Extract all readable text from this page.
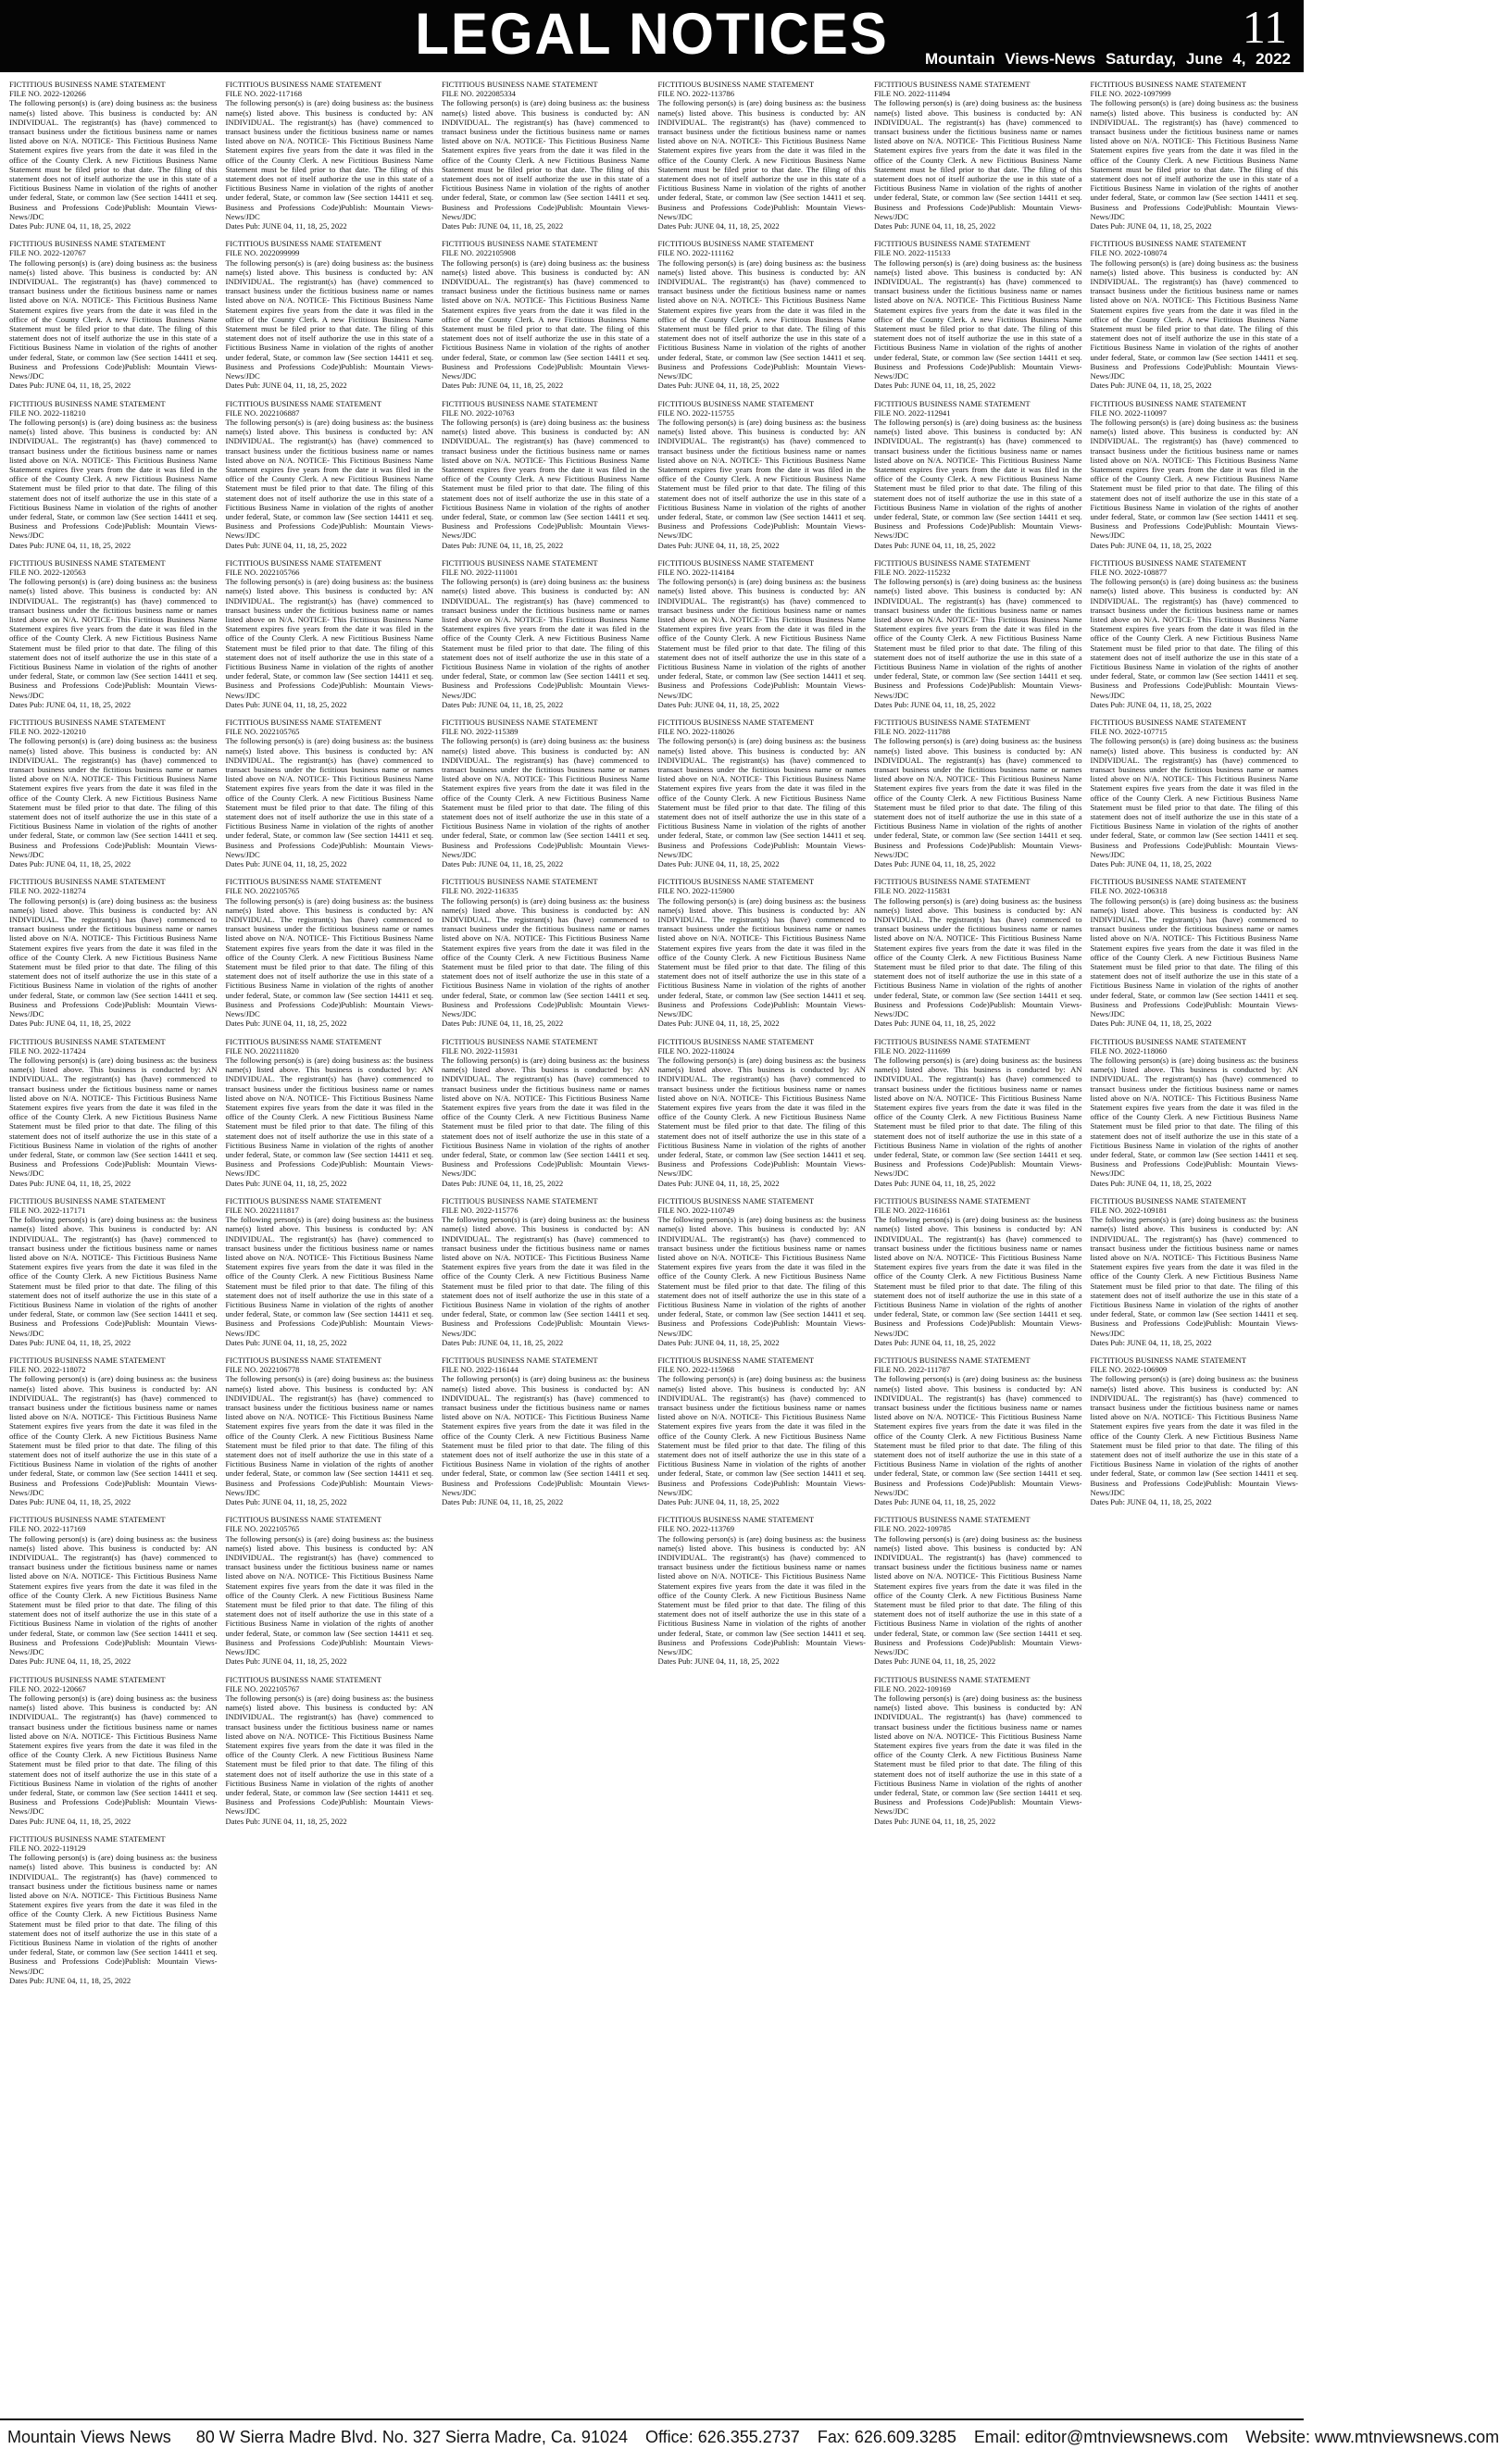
LEGAL NOTICES	11
Mountain Views-News Saturday, June 4, 2022
FICTITIOUS BUSINESS NAME STATEMENT
FILE NO. 2022-120266
The following person(s) is (are) doing business as: the business name(s) listed above. This business is conducted by: AN INDIVIDUAL. The registrant(s) has (have) commenced to transact business under the fictitious business name or names listed above on N/A. NOTICE- This Fictitious Business Name Statement expires five years from the date it was filed in the office of the County Clerk. A new Fictitious Business Name Statement must be filed prior to that date. The filing of this statement does not of itself authorize the use in this state of a Fictitious Business Name in violation of the rights of another under federal, State, or common law (See section 14411 et seq. Business and Professions Code)Publish: Mountain Views-News/JDC
Dates Pub: JUNE 04, 11, 18, 25, 2022
FICTITIOUS BUSINESS NAME STATEMENT
FILE NO. 2022-120767
The following person(s) is (are) doing business as: the business name(s) listed above. This business is conducted by: AN INDIVIDUAL. The registrant(s) has (have) commenced to transact business under the fictitious business name or names listed above on N/A. NOTICE- This Fictitious Business Name Statement expires five years from the date it was filed in the office of the County Clerk. A new Fictitious Business Name Statement must be filed prior to that date. The filing of this statement does not of itself authorize the use in this state of a Fictitious Business Name in violation of the rights of another under federal, State, or common law (See section 14411 et seq. Business and Professions Code)Publish: Mountain Views-News/JDC
Dates Pub: JUNE 04, 11, 18, 25, 2022
FICTITIOUS BUSINESS NAME STATEMENT
FILE NO. 2022-118210
The following person(s) is (are) doing business as: the business name(s) listed above. This business is conducted by: AN INDIVIDUAL. The registrant(s) has (have) commenced to transact business under the fictitious business name or names listed above on N/A. NOTICE- This Fictitious Business Name Statement expires five years from the date it was filed in the office of the County Clerk. A new Fictitious Business Name Statement must be filed prior to that date. The filing of this statement does not of itself authorize the use in this state of a Fictitious Business Name in violation of the rights of another under federal, State, or common law (See section 14411 et seq. Business and Professions Code)Publish: Mountain Views-News/JDC
Dates Pub: JUNE 04, 11, 18, 25, 2022
FICTITIOUS BUSINESS NAME STATEMENT
FILE NO. 2022-120563
The following person(s) is (are) doing business as: the business name(s) listed above. This business is conducted by: AN INDIVIDUAL. The registrant(s) has (have) commenced to transact business under the fictitious business name or names listed above on N/A. NOTICE- This Fictitious Business Name Statement expires five years from the date it was filed in the office of the County Clerk. A new Fictitious Business Name Statement must be filed prior to that date. The filing of this statement does not of itself authorize the use in this state of a Fictitious Business Name in violation of the rights of another under federal, State, or common law (See section 14411 et seq. Business and Professions Code)Publish: Mountain Views-News/JDC
Dates Pub: JUNE 04, 11, 18, 25, 2022
FICTITIOUS BUSINESS NAME STATEMENT
FILE NO. 2022-120210
The following person(s) is (are) doing business as: the business name(s) listed above. This business is conducted by: AN INDIVIDUAL. The registrant(s) has (have) commenced to transact business under the fictitious business name or names listed above on N/A. NOTICE- This Fictitious Business Name Statement expires five years from the date it was filed in the office of the County Clerk. A new Fictitious Business Name Statement must be filed prior to that date. The filing of this statement does not of itself authorize the use in this state of a Fictitious Business Name in violation of the rights of another under federal, State, or common law (See section 14411 et seq. Business and Professions Code)Publish: Mountain Views-News/JDC
Dates Pub: JUNE 04, 11, 18, 25, 2022
FICTITIOUS BUSINESS NAME STATEMENT
FILE NO. 2022-118274
The following person(s) is (are) doing business as: the business name(s) listed above. This business is conducted by: AN INDIVIDUAL. The registrant(s) has (have) commenced to transact business under the fictitious business name or names listed above on N/A. NOTICE- This Fictitious Business Name Statement expires five years from the date it was filed in the office of the County Clerk. A new Fictitious Business Name Statement must be filed prior to that date. The filing of this statement does not of itself authorize the use in this state of a Fictitious Business Name in violation of the rights of another under federal, State, or common law (See section 14411 et seq. Business and Professions Code)Publish: Mountain Views-News/JDC
Dates Pub: JUNE 04, 11, 18, 25, 2022
FICTITIOUS BUSINESS NAME STATEMENT
FILE NO. 2022-117424
The following person(s) is (are) doing business as: the business name(s) listed above. This business is conducted by: AN INDIVIDUAL. The registrant(s) has (have) commenced to transact business under the fictitious business name or names listed above on N/A. NOTICE- This Fictitious Business Name Statement expires five years from the date it was filed in the office of the County Clerk. A new Fictitious Business Name Statement must be filed prior to that date. The filing of this statement does not of itself authorize the use in this state of a Fictitious Business Name in violation of the rights of another under federal, State, or common law (See section 14411 et seq. Business and Professions Code)Publish: Mountain Views-News/JDC
Dates Pub: JUNE 04, 11, 18, 25, 2022
FICTITIOUS BUSINESS NAME STATEMENT
FILE NO. 2022-117171
The following person(s) is (are) doing business as: the business name(s) listed above. This business is conducted by: AN INDIVIDUAL. The registrant(s) has (have) commenced to transact business under the fictitious business name or names listed above on N/A. NOTICE- This Fictitious Business Name Statement expires five years from the date it was filed in the office of the County Clerk. A new Fictitious Business Name Statement must be filed prior to that date. The filing of this statement does not of itself authorize the use in this state of a Fictitious Business Name in violation of the rights of another under federal, State, or common law (See section 14411 et seq. Business and Professions Code)Publish: Mountain Views-News/JDC
Dates Pub: JUNE 04, 11, 18, 25, 2022
FICTITIOUS BUSINESS NAME STATEMENT
FILE NO. 2022-118072
The following person(s) is (are) doing business as: the business name(s) listed above. This business is conducted by: AN INDIVIDUAL. The registrant(s) has (have) commenced to transact business under the fictitious business name or names listed above on N/A. NOTICE- This Fictitious Business Name Statement expires five years from the date it was filed in the office of the County Clerk. A new Fictitious Business Name Statement must be filed prior to that date. The filing of this statement does not of itself authorize the use in this state of a Fictitious Business Name in violation of the rights of another under federal, State, or common law (See section 14411 et seq. Business and Professions Code)Publish: Mountain Views-News/JDC
Dates Pub: JUNE 04, 11, 18, 25, 2022
FICTITIOUS BUSINESS NAME STATEMENT
FILE NO. 2022-117169
The following person(s) is (are) doing business as: the business name(s) listed above. This business is conducted by: AN INDIVIDUAL. The registrant(s) has (have) commenced to transact business under the fictitious business name or names listed above on N/A. NOTICE- This Fictitious Business Name Statement expires five years from the date it was filed in the office of the County Clerk. A new Fictitious Business Name Statement must be filed prior to that date. The filing of this statement does not of itself authorize the use in this state of a Fictitious Business Name in violation of the rights of another under federal, State, or common law (See section 14411 et seq. Business and Professions Code)Publish: Mountain Views-News/JDC
Dates Pub: JUNE 04, 11, 18, 25, 2022
FICTITIOUS BUSINESS NAME STATEMENT
FILE NO. 2022-120667
The following person(s) is (are) doing business as: the business name(s) listed above. This business is conducted by: AN INDIVIDUAL. The registrant(s) has (have) commenced to transact business under the fictitious business name or names listed above on N/A. NOTICE- This Fictitious Business Name Statement expires five years from the date it was filed in the office of the County Clerk. A new Fictitious Business Name Statement must be filed prior to that date. The filing of this statement does not of itself authorize the use in this state of a Fictitious Business Name in violation of the rights of another under federal, State, or common law (See section 14411 et seq. Business and Professions Code)Publish: Mountain Views-News/JDC
Dates Pub: JUNE 04, 11, 18, 25, 2022
FICTITIOUS BUSINESS NAME STATEMENT
FILE NO. 2022-119129
The following person(s) is (are) doing business as: the business name(s) listed above. This business is conducted by: AN INDIVIDUAL. The registrant(s) has (have) commenced to transact business under the fictitious business name or names listed above on N/A. NOTICE- This Fictitious Business Name Statement expires five years from the date it was filed in the office of the County Clerk. A new Fictitious Business Name Statement must be filed prior to that date. The filing of this statement does not of itself authorize the use in this state of a Fictitious Business Name in violation of the rights of another under federal, State, or common law (See section 14411 et seq. Business and Professions Code)Publish: Mountain Views-News/JDC
Dates Pub: JUNE 04, 11, 18, 25, 2022
FICTITIOUS BUSINESS NAME STATEMENT
FILE NO. 2022-117168
The following person(s) is (are) doing business as: the business name(s) listed above. This business is conducted by: AN INDIVIDUAL. The registrant(s) has (have) commenced to transact business under the fictitious business name or names listed above on N/A. NOTICE- This Fictitious Business Name Statement expires five years from the date it was filed in the office of the County Clerk. A new Fictitious Business Name Statement must be filed prior to that date. The filing of this statement does not of itself authorize the use in this state of a Fictitious Business Name in violation of the rights of another under federal, State, or common law (See section 14411 et seq. Business and Professions Code)Publish: Mountain Views-News/JDC
Dates Pub: JUNE 04, 11, 18, 25, 2022
FICTITIOUS BUSINESS NAME STATEMENT
FILE NO. 2022099999
The following person(s) is (are) doing business as: the business name(s) listed above. This business is conducted by: AN INDIVIDUAL. The registrant(s) has (have) commenced to transact business under the fictitious business name or names listed above on N/A. NOTICE- This Fictitious Business Name Statement expires five years from the date it was filed in the office of the County Clerk. A new Fictitious Business Name Statement must be filed prior to that date. The filing of this statement does not of itself authorize the use in this state of a Fictitious Business Name in violation of the rights of another under federal, State, or common law (See section 14411 et seq. Business and Professions Code)Publish: Mountain Views-News/JDC
Dates Pub: JUNE 04, 11, 18, 25, 2022
FICTITIOUS BUSINESS NAME STATEMENT
FILE NO. 2022106887
The following person(s) is (are) doing business as: the business name(s) listed above. This business is conducted by: AN INDIVIDUAL. The registrant(s) has (have) commenced to transact business under the fictitious business name or names listed above on N/A. NOTICE- This Fictitious Business Name Statement expires five years from the date it was filed in the office of the County Clerk. A new Fictitious Business Name Statement must be filed prior to that date. The filing of this statement does not of itself authorize the use in this state of a Fictitious Business Name in violation of the rights of another under federal, State, or common law (See section 14411 et seq. Business and Professions Code)Publish: Mountain Views-News/JDC
Dates Pub: JUNE 04, 11, 18, 25, 2022
FICTITIOUS BUSINESS NAME STATEMENT
FILE NO. 2022105766
The following person(s) is (are) doing business as: the business name(s) listed above. This business is conducted by: AN INDIVIDUAL. The registrant(s) has (have) commenced to transact business under the fictitious business name or names listed above on N/A. NOTICE- This Fictitious Business Name Statement expires five years from the date it was filed in the office of the County Clerk. A new Fictitious Business Name Statement must be filed prior to that date. The filing of this statement does not of itself authorize the use in this state of a Fictitious Business Name in violation of the rights of another under federal, State, or common law (See section 14411 et seq. Business and Professions Code)Publish: Mountain Views-News/JDC
Dates Pub: JUNE 04, 11, 18, 25, 2022
FICTITIOUS BUSINESS NAME STATEMENT
FILE NO. 2022105765
The following person(s) is (are) doing business as: the business name(s) listed above. This business is conducted by: AN INDIVIDUAL. The registrant(s) has (have) commenced to transact business under the fictitious business name or names listed above on N/A. NOTICE- This Fictitious Business Name Statement expires five years from the date it was filed in the office of the County Clerk. A new Fictitious Business Name Statement must be filed prior to that date. The filing of this statement does not of itself authorize the use in this state of a Fictitious Business Name in violation of the rights of another under federal, State, or common law (See section 14411 et seq. Business and Professions Code)Publish: Mountain Views-News/JDC
Dates Pub: JUNE 04, 11, 18, 25, 2022
FICTITIOUS BUSINESS NAME STATEMENT
FILE NO. 2022105765
The following person(s) is (are) doing business as: the business name(s) listed above. This business is conducted by: AN INDIVIDUAL. The registrant(s) has (have) commenced to transact business under the fictitious business name or names listed above on N/A. NOTICE- This Fictitious Business Name Statement expires five years from the date it was filed in the office of the County Clerk. A new Fictitious Business Name Statement must be filed prior to that date. The filing of this statement does not of itself authorize the use in this state of a Fictitious Business Name in violation of the rights of another under federal, State, or common law (See section 14411 et seq. Business and Professions Code)Publish: Mountain Views-News/JDC
Dates Pub: JUNE 04, 11, 18, 25, 2022
FICTITIOUS BUSINESS NAME STATEMENT
FILE NO. 2022111820
The following person(s) is (are) doing business as: the business name(s) listed above. This business is conducted by: AN INDIVIDUAL. The registrant(s) has (have) commenced to transact business under the fictitious business name or names listed above on N/A. NOTICE- This Fictitious Business Name Statement expires five years from the date it was filed in the office of the County Clerk. A new Fictitious Business Name Statement must be filed prior to that date. The filing of this statement does not of itself authorize the use in this state of a Fictitious Business Name in violation of the rights of another under federal, State, or common law (See section 14411 et seq. Business and Professions Code)Publish: Mountain Views-News/JDC
Dates Pub: JUNE 04, 11, 18, 25, 2022
FICTITIOUS BUSINESS NAME STATEMENT
FILE NO. 2022111817
The following person(s) is (are) doing business as: the business name(s) listed above. This business is conducted by: AN INDIVIDUAL. The registrant(s) has (have) commenced to transact business under the fictitious business name or names listed above on N/A. NOTICE- This Fictitious Business Name Statement expires five years from the date it was filed in the office of the County Clerk. A new Fictitious Business Name Statement must be filed prior to that date. The filing of this statement does not of itself authorize the use in this state of a Fictitious Business Name in violation of the rights of another under federal, State, or common law (See section 14411 et seq. Business and Professions Code)Publish: Mountain Views-News/JDC
Dates Pub: JUNE 04, 11, 18, 25, 2022
FICTITIOUS BUSINESS NAME STATEMENT
FILE NO. 2022106778
The following person(s) is (are) doing business as: the business name(s) listed above. This business is conducted by: AN INDIVIDUAL. The registrant(s) has (have) commenced to transact business under the fictitious business name or names listed above on N/A. NOTICE- This Fictitious Business Name Statement expires five years from the date it was filed in the office of the County Clerk. A new Fictitious Business Name Statement must be filed prior to that date. The filing of this statement does not of itself authorize the use in this state of a Fictitious Business Name in violation of the rights of another under federal, State, or common law (See section 14411 et seq. Business and Professions Code)Publish: Mountain Views-News/JDC
Dates Pub: JUNE 04, 11, 18, 25, 2022
FICTITIOUS BUSINESS NAME STATEMENT
FILE NO. 2022105765
The following person(s) is (are) doing business as: the business name(s) listed above. This business is conducted by: AN INDIVIDUAL. The registrant(s) has (have) commenced to transact business under the fictitious business name or names listed above on N/A. NOTICE- This Fictitious Business Name Statement expires five years from the date it was filed in the office of the County Clerk. A new Fictitious Business Name Statement must be filed prior to that date. The filing of this statement does not of itself authorize the use in this state of a Fictitious Business Name in violation of the rights of another under federal, State, or common law (See section 14411 et seq. Business and Professions Code)Publish: Mountain Views-News/JDC
Dates Pub: JUNE 04, 11, 18, 25, 2022
FICTITIOUS BUSINESS NAME STATEMENT
FILE NO. 2022105767
The following person(s) is (are) doing business as: the business name(s) listed above. This business is conducted by: AN INDIVIDUAL. The registrant(s) has (have) commenced to transact business under the fictitious business name or names listed above on N/A. NOTICE- This Fictitious Business Name Statement expires five years from the date it was filed in the office of the County Clerk. A new Fictitious Business Name Statement must be filed prior to that date. The filing of this statement does not of itself authorize the use in this state of a Fictitious Business Name in violation of the rights of another under federal, State, or common law (See section 14411 et seq. Business and Professions Code)Publish: Mountain Views-News/JDC
Dates Pub: JUNE 04, 11, 18, 25, 2022
FICTITIOUS BUSINESS NAME STATEMENT
FILE NO. 2022085334
The following person(s) is (are) doing business as: the business name(s) listed above. This business is conducted by: AN INDIVIDUAL. The registrant(s) has (have) commenced to transact business under the fictitious business name or names listed above on N/A. NOTICE- This Fictitious Business Name Statement expires five years from the date it was filed in the office of the County Clerk. A new Fictitious Business Name Statement must be filed prior to that date. The filing of this statement does not of itself authorize the use in this state of a Fictitious Business Name in violation of the rights of another under federal, State, or common law (See section 14411 et seq. Business and Professions Code)Publish: Mountain Views-News/JDC
Dates Pub: JUNE 04, 11, 18, 25, 2022
FICTITIOUS BUSINESS NAME STATEMENT
FILE NO. 2022105908
The following person(s) is (are) doing business as: the business name(s) listed above. This business is conducted by: AN INDIVIDUAL. The registrant(s) has (have) commenced to transact business under the fictitious business name or names listed above on N/A. NOTICE- This Fictitious Business Name Statement expires five years from the date it was filed in the office of the County Clerk. A new Fictitious Business Name Statement must be filed prior to that date. The filing of this statement does not of itself authorize the use in this state of a Fictitious Business Name in violation of the rights of another under federal, State, or common law (See section 14411 et seq. Business and Professions Code)Publish: Mountain Views-News/JDC
Dates Pub: JUNE 04, 11, 18, 25, 2022
FICTITIOUS BUSINESS NAME STATEMENT
FILE NO. 2022-10763
The following person(s) is (are) doing business as: the business name(s) listed above. This business is conducted by: AN INDIVIDUAL. The registrant(s) has (have) commenced to transact business under the fictitious business name or names listed above on N/A. NOTICE- This Fictitious Business Name Statement expires five years from the date it was filed in the office of the County Clerk. A new Fictitious Business Name Statement must be filed prior to that date. The filing of this statement does not of itself authorize the use in this state of a Fictitious Business Name in violation of the rights of another under federal, State, or common law (See section 14411 et seq. Business and Professions Code)Publish: Mountain Views-News/JDC
Dates Pub: JUNE 04, 11, 18, 25, 2022
FICTITIOUS BUSINESS NAME STATEMENT
FILE NO. 2022-111001
The following person(s) is (are) doing business as: the business name(s) listed above. This business is conducted by: AN INDIVIDUAL. The registrant(s) has (have) commenced to transact business under the fictitious business name or names listed above on N/A. NOTICE- This Fictitious Business Name Statement expires five years from the date it was filed in the office of the County Clerk. A new Fictitious Business Name Statement must be filed prior to that date. The filing of this statement does not of itself authorize the use in this state of a Fictitious Business Name in violation of the rights of another under federal, State, or common law (See section 14411 et seq. Business and Professions Code)Publish: Mountain Views-News/JDC
Dates Pub: JUNE 04, 11, 18, 25, 2022
FICTITIOUS BUSINESS NAME STATEMENT
FILE NO. 2022-115389
The following person(s) is (are) doing business as: the business name(s) listed above. This business is conducted by: AN INDIVIDUAL. The registrant(s) has (have) commenced to transact business under the fictitious business name or names listed above on N/A. NOTICE- This Fictitious Business Name Statement expires five years from the date it was filed in the office of the County Clerk. A new Fictitious Business Name Statement must be filed prior to that date. The filing of this statement does not of itself authorize the use in this state of a Fictitious Business Name in violation of the rights of another under federal, State, or common law (See section 14411 et seq. Business and Professions Code)Publish: Mountain Views-News/JDC
Dates Pub: JUNE 04, 11, 18, 25, 2022
FICTITIOUS BUSINESS NAME STATEMENT
FILE NO. 2022-116335
The following person(s) is (are) doing business as: the business name(s) listed above. This business is conducted by: AN INDIVIDUAL. The registrant(s) has (have) commenced to transact business under the fictitious business name or names listed above on N/A. NOTICE- This Fictitious Business Name Statement expires five years from the date it was filed in the office of the County Clerk. A new Fictitious Business Name Statement must be filed prior to that date. The filing of this statement does not of itself authorize the use in this state of a Fictitious Business Name in violation of the rights of another under federal, State, or common law (See section 14411 et seq. Business and Professions Code)Publish: Mountain Views-News/JDC
Dates Pub: JUNE 04, 11, 18, 25, 2022
FICTITIOUS BUSINESS NAME STATEMENT
FILE NO. 2022-115931
The following person(s) is (are) doing business as: the business name(s) listed above. This business is conducted by: AN INDIVIDUAL. The registrant(s) has (have) commenced to transact business under the fictitious business name or names listed above on N/A. NOTICE- This Fictitious Business Name Statement expires five years from the date it was filed in the office of the County Clerk. A new Fictitious Business Name Statement must be filed prior to that date. The filing of this statement does not of itself authorize the use in this state of a Fictitious Business Name in violation of the rights of another under federal, State, or common law (See section 14411 et seq. Business and Professions Code)Publish: Mountain Views-News/JDC
Dates Pub: JUNE 04, 11, 18, 25, 2022
FICTITIOUS BUSINESS NAME STATEMENT
FILE NO. 2022-115776
The following person(s) is (are) doing business as: the business name(s) listed above. This business is conducted by: AN INDIVIDUAL. The registrant(s) has (have) commenced to transact business under the fictitious business name or names listed above on N/A. NOTICE- This Fictitious Business Name Statement expires five years from the date it was filed in the office of the County Clerk. A new Fictitious Business Name Statement must be filed prior to that date. The filing of this statement does not of itself authorize the use in this state of a Fictitious Business Name in violation of the rights of another under federal, State, or common law (See section 14411 et seq. Business and Professions Code)Publish: Mountain Views-News/JDC
Dates Pub: JUNE 04, 11, 18, 25, 2022
FICTITIOUS BUSINESS NAME STATEMENT
FILE NO. 2022-116144
The following person(s) is (are) doing business as: the business name(s) listed above. This business is conducted by: AN INDIVIDUAL. The registrant(s) has (have) commenced to transact business under the fictitious business name or names listed above on N/A. NOTICE- This Fictitious Business Name Statement expires five years from the date it was filed in the office of the County Clerk. A new Fictitious Business Name Statement must be filed prior to that date. The filing of this statement does not of itself authorize the use in this state of a Fictitious Business Name in violation of the rights of another under federal, State, or common law (See section 14411 et seq. Business and Professions Code)Publish: Mountain Views-News/JDC
Dates Pub: JUNE 04, 11, 18, 25, 2022
FICTITIOUS BUSINESS NAME STATEMENT
FILE NO. 2022-113786
The following person(s) is (are) doing business as: the business name(s) listed above. This business is conducted by: AN INDIVIDUAL. The registrant(s) has (have) commenced to transact business under the fictitious business name or names listed above on N/A. NOTICE- This Fictitious Business Name Statement expires five years from the date it was filed in the office of the County Clerk. A new Fictitious Business Name Statement must be filed prior to that date. The filing of this statement does not of itself authorize the use in this state of a Fictitious Business Name in violation of the rights of another under federal, State, or common law (See section 14411 et seq. Business and Professions Code)Publish: Mountain Views-News/JDC
Dates Pub: JUNE 04, 11, 18, 25, 2022
FICTITIOUS BUSINESS NAME STATEMENT
FILE NO. 2022-111162
The following person(s) is (are) doing business as: the business name(s) listed above. This business is conducted by: AN INDIVIDUAL. The registrant(s) has (have) commenced to transact business under the fictitious business name or names listed above on N/A. NOTICE- This Fictitious Business Name Statement expires five years from the date it was filed in the office of the County Clerk. A new Fictitious Business Name Statement must be filed prior to that date. The filing of this statement does not of itself authorize the use in this state of a Fictitious Business Name in violation of the rights of another under federal, State, or common law (See section 14411 et seq. Business and Professions Code)Publish: Mountain Views-News/JDC
Dates Pub: JUNE 04, 11, 18, 25, 2022
FICTITIOUS BUSINESS NAME STATEMENT
FILE NO. 2022-115755
The following person(s) is (are) doing business as: the business name(s) listed above. This business is conducted by: AN INDIVIDUAL. The registrant(s) has (have) commenced to transact business under the fictitious business name or names listed above on N/A. NOTICE- This Fictitious Business Name Statement expires five years from the date it was filed in the office of the County Clerk. A new Fictitious Business Name Statement must be filed prior to that date. The filing of this statement does not of itself authorize the use in this state of a Fictitious Business Name in violation of the rights of another under federal, State, or common law (See section 14411 et seq. Business and Professions Code)Publish: Mountain Views-News/JDC
Dates Pub: JUNE 04, 11, 18, 25, 2022
FICTITIOUS BUSINESS NAME STATEMENT
FILE NO. 2022-114184
The following person(s) is (are) doing business as: the business name(s) listed above. This business is conducted by: AN INDIVIDUAL. The registrant(s) has (have) commenced to transact business under the fictitious business name or names listed above on N/A. NOTICE- This Fictitious Business Name Statement expires five years from the date it was filed in the office of the County Clerk. A new Fictitious Business Name Statement must be filed prior to that date. The filing of this statement does not of itself authorize the use in this state of a Fictitious Business Name in violation of the rights of another under federal, State, or common law (See section 14411 et seq. Business and Professions Code)Publish: Mountain Views-News/JDC
Dates Pub: JUNE 04, 11, 18, 25, 2022
FICTITIOUS BUSINESS NAME STATEMENT
FILE NO. 2022-118026
The following person(s) is (are) doing business as: the business name(s) listed above. This business is conducted by: AN INDIVIDUAL. The registrant(s) has (have) commenced to transact business under the fictitious business name or names listed above on N/A. NOTICE- This Fictitious Business Name Statement expires five years from the date it was filed in the office of the County Clerk. A new Fictitious Business Name Statement must be filed prior to that date. The filing of this statement does not of itself authorize the use in this state of a Fictitious Business Name in violation of the rights of another under federal, State, or common law (See section 14411 et seq. Business and Professions Code)Publish: Mountain Views-News/JDC
Dates Pub: JUNE 04, 11, 18, 25, 2022
FICTITIOUS BUSINESS NAME STATEMENT
FILE NO. 2022-115900
The following person(s) is (are) doing business as: the business name(s) listed above. This business is conducted by: AN INDIVIDUAL. The registrant(s) has (have) commenced to transact business under the fictitious business name or names listed above on N/A. NOTICE- This Fictitious Business Name Statement expires five years from the date it was filed in the office of the County Clerk. A new Fictitious Business Name Statement must be filed prior to that date. The filing of this statement does not of itself authorize the use in this state of a Fictitious Business Name in violation of the rights of another under federal, State, or common law (See section 14411 et seq. Business and Professions Code)Publish: Mountain Views-News/JDC
Dates Pub: JUNE 04, 11, 18, 25, 2022
FICTITIOUS BUSINESS NAME STATEMENT
FILE NO. 2022-118024
The following person(s) is (are) doing business as: the business name(s) listed above. This business is conducted by: AN INDIVIDUAL. The registrant(s) has (have) commenced to transact business under the fictitious business name or names listed above on N/A. NOTICE- This Fictitious Business Name Statement expires five years from the date it was filed in the office of the County Clerk. A new Fictitious Business Name Statement must be filed prior to that date. The filing of this statement does not of itself authorize the use in this state of a Fictitious Business Name in violation of the rights of another under federal, State, or common law (See section 14411 et seq. Business and Professions Code)Publish: Mountain Views-News/JDC
Dates Pub: JUNE 04, 11, 18, 25, 2022
FICTITIOUS BUSINESS NAME STATEMENT
FILE NO. 2022-110749
The following person(s) is (are) doing business as: the business name(s) listed above. This business is conducted by: AN INDIVIDUAL. The registrant(s) has (have) commenced to transact business under the fictitious business name or names listed above on N/A. NOTICE- This Fictitious Business Name Statement expires five years from the date it was filed in the office of the County Clerk. A new Fictitious Business Name Statement must be filed prior to that date. The filing of this statement does not of itself authorize the use in this state of a Fictitious Business Name in violation of the rights of another under federal, State, or common law (See section 14411 et seq. Business and Professions Code)Publish: Mountain Views-News/JDC
Dates Pub: JUNE 04, 11, 18, 25, 2022
FICTITIOUS BUSINESS NAME STATEMENT
FILE NO. 2022-115968
The following person(s) is (are) doing business as: the business name(s) listed above. This business is conducted by: AN INDIVIDUAL. The registrant(s) has (have) commenced to transact business under the fictitious business name or names listed above on N/A. NOTICE- This Fictitious Business Name Statement expires five years from the date it was filed in the office of the County Clerk. A new Fictitious Business Name Statement must be filed prior to that date. The filing of this statement does not of itself authorize the use in this state of a Fictitious Business Name in violation of the rights of another under federal, State, or common law (See section 14411 et seq. Business and Professions Code)Publish: Mountain Views-News/JDC
Dates Pub: JUNE 04, 11, 18, 25, 2022
FICTITIOUS BUSINESS NAME STATEMENT
FILE NO. 2022-113769
The following person(s) is (are) doing business as: the business name(s) listed above. This business is conducted by: AN INDIVIDUAL. The registrant(s) has (have) commenced to transact business under the fictitious business name or names listed above on N/A. NOTICE- This Fictitious Business Name Statement expires five years from the date it was filed in the office of the County Clerk. A new Fictitious Business Name Statement must be filed prior to that date. The filing of this statement does not of itself authorize the use in this state of a Fictitious Business Name in violation of the rights of another under federal, State, or common law (See section 14411 et seq. Business and Professions Code)Publish: Mountain Views-News/JDC
Dates Pub: JUNE 04, 11, 18, 25, 2022
FICTITIOUS BUSINESS NAME STATEMENT
FILE NO. 2022-111494
The following person(s) is (are) doing business as: the business name(s) listed above. This business is conducted by: AN INDIVIDUAL. The registrant(s) has (have) commenced to transact business under the fictitious business name or names listed above on N/A. NOTICE- This Fictitious Business Name Statement expires five years from the date it was filed in the office of the County Clerk. A new Fictitious Business Name Statement must be filed prior to that date. The filing of this statement does not of itself authorize the use in this state of a Fictitious Business Name in violation of the rights of another under federal, State, or common law (See section 14411 et seq. Business and Professions Code)Publish: Mountain Views-News/JDC
Dates Pub: JUNE 04, 11, 18, 25, 2022
FICTITIOUS BUSINESS NAME STATEMENT
FILE NO. 2022-115133
The following person(s) is (are) doing business as: the business name(s) listed above. This business is conducted by: AN INDIVIDUAL. The registrant(s) has (have) commenced to transact business under the fictitious business name or names listed above on N/A. NOTICE- This Fictitious Business Name Statement expires five years from the date it was filed in the office of the County Clerk. A new Fictitious Business Name Statement must be filed prior to that date. The filing of this statement does not of itself authorize the use in this state of a Fictitious Business Name in violation of the rights of another under federal, State, or common law (See section 14411 et seq. Business and Professions Code)Publish: Mountain Views-News/JDC
Dates Pub: JUNE 04, 11, 18, 25, 2022
FICTITIOUS BUSINESS NAME STATEMENT
FILE NO. 2022-112941
The following person(s) is (are) doing business as: the business name(s) listed above. This business is conducted by: AN INDIVIDUAL. The registrant(s) has (have) commenced to transact business under the fictitious business name or names listed above on N/A. NOTICE- This Fictitious Business Name Statement expires five years from the date it was filed in the office of the County Clerk. A new Fictitious Business Name Statement must be filed prior to that date. The filing of this statement does not of itself authorize the use in this state of a Fictitious Business Name in violation of the rights of another under federal, State, or common law (See section 14411 et seq. Business and Professions Code)Publish: Mountain Views-News/JDC
Dates Pub: JUNE 04, 11, 18, 25, 2022
FICTITIOUS BUSINESS NAME STATEMENT
FILE NO. 2022-115232
The following person(s) is (are) doing business as: the business name(s) listed above. This business is conducted by: AN INDIVIDUAL. The registrant(s) has (have) commenced to transact business under the fictitious business name or names listed above on N/A. NOTICE- This Fictitious Business Name Statement expires five years from the date it was filed in the office of the County Clerk. A new Fictitious Business Name Statement must be filed prior to that date. The filing of this statement does not of itself authorize the use in this state of a Fictitious Business Name in violation of the rights of another under federal, State, or common law (See section 14411 et seq. Business and Professions Code)Publish: Mountain Views-News/JDC
Dates Pub: JUNE 04, 11, 18, 25, 2022
FICTITIOUS BUSINESS NAME STATEMENT
FILE NO. 2022-111788
The following person(s) is (are) doing business as: the business name(s) listed above. This business is conducted by: AN INDIVIDUAL. The registrant(s) has (have) commenced to transact business under the fictitious business name or names listed above on N/A. NOTICE- This Fictitious Business Name Statement expires five years from the date it was filed in the office of the County Clerk. A new Fictitious Business Name Statement must be filed prior to that date. The filing of this statement does not of itself authorize the use in this state of a Fictitious Business Name in violation of the rights of another under federal, State, or common law (See section 14411 et seq. Business and Professions Code)Publish: Mountain Views-News/JDC
Dates Pub: JUNE 04, 11, 18, 25, 2022
FICTITIOUS BUSINESS NAME STATEMENT
FILE NO. 2022-115831
The following person(s) is (are) doing business as: the business name(s) listed above. This business is conducted by: AN INDIVIDUAL. The registrant(s) has (have) commenced to transact business under the fictitious business name or names listed above on N/A. NOTICE- This Fictitious Business Name Statement expires five years from the date it was filed in the office of the County Clerk. A new Fictitious Business Name Statement must be filed prior to that date. The filing of this statement does not of itself authorize the use in this state of a Fictitious Business Name in violation of the rights of another under federal, State, or common law (See section 14411 et seq. Business and Professions Code)Publish: Mountain Views-News/JDC
Dates Pub: JUNE 04, 11, 18, 25, 2022
FICTITIOUS BUSINESS NAME STATEMENT
FILE NO. 2022-111699
The following person(s) is (are) doing business as: the business name(s) listed above. This business is conducted by: AN INDIVIDUAL. The registrant(s) has (have) commenced to transact business under the fictitious business name or names listed above on N/A. NOTICE- This Fictitious Business Name Statement expires five years from the date it was filed in the office of the County Clerk. A new Fictitious Business Name Statement must be filed prior to that date. The filing of this statement does not of itself authorize the use in this state of a Fictitious Business Name in violation of the rights of another under federal, State, or common law (See section 14411 et seq. Business and Professions Code)Publish: Mountain Views-News/JDC
Dates Pub: JUNE 04, 11, 18, 25, 2022
FICTITIOUS BUSINESS NAME STATEMENT
FILE NO. 2022-116161
The following person(s) is (are) doing business as: the business name(s) listed above. This business is conducted by: AN INDIVIDUAL. The registrant(s) has (have) commenced to transact business under the fictitious business name or names listed above on N/A. NOTICE- This Fictitious Business Name Statement expires five years from the date it was filed in the office of the County Clerk. A new Fictitious Business Name Statement must be filed prior to that date. The filing of this statement does not of itself authorize the use in this state of a Fictitious Business Name in violation of the rights of another under federal, State, or common law (See section 14411 et seq. Business and Professions Code)Publish: Mountain Views-News/JDC
Dates Pub: JUNE 04, 11, 18, 25, 2022
FICTITIOUS BUSINESS NAME STATEMENT
FILE NO. 2022-111787
The following person(s) is (are) doing business as: the business name(s) listed above. This business is conducted by: AN INDIVIDUAL. The registrant(s) has (have) commenced to transact business under the fictitious business name or names listed above on N/A. NOTICE- This Fictitious Business Name Statement expires five years from the date it was filed in the office of the County Clerk. A new Fictitious Business Name Statement must be filed prior to that date. The filing of this statement does not of itself authorize the use in this state of a Fictitious Business Name in violation of the rights of another under federal, State, or common law (See section 14411 et seq. Business and Professions Code)Publish: Mountain Views-News/JDC
Dates Pub: JUNE 04, 11, 18, 25, 2022
FICTITIOUS BUSINESS NAME STATEMENT
FILE NO. 2022-109785
The following person(s) is (are) doing business as: the business name(s) listed above. This business is conducted by: AN INDIVIDUAL. The registrant(s) has (have) commenced to transact business under the fictitious business name or names listed above on N/A. NOTICE- This Fictitious Business Name Statement expires five years from the date it was filed in the office of the County Clerk. A new Fictitious Business Name Statement must be filed prior to that date. The filing of this statement does not of itself authorize the use in this state of a Fictitious Business Name in violation of the rights of another under federal, State, or common law (See section 14411 et seq. Business and Professions Code)Publish: Mountain Views-News/JDC
Dates Pub: JUNE 04, 11, 18, 25, 2022
FICTITIOUS BUSINESS NAME STATEMENT
FILE NO. 2022-109169
The following person(s) is (are) doing business as: the business name(s) listed above. This business is conducted by: AN INDIVIDUAL. The registrant(s) has (have) commenced to transact business under the fictitious business name or names listed above on N/A. NOTICE- This Fictitious Business Name Statement expires five years from the date it was filed in the office of the County Clerk. A new Fictitious Business Name Statement must be filed prior to that date. The filing of this statement does not of itself authorize the use in this state of a Fictitious Business Name in violation of the rights of another under federal, State, or common law (See section 14411 et seq. Business and Professions Code)Publish: Mountain Views-News/JDC
Dates Pub: JUNE 04, 11, 18, 25, 2022
FICTITIOUS BUSINESS NAME STATEMENT
FILE NO. 2022-1097999
The following person(s) is (are) doing business as: the business name(s) listed above. This business is conducted by: AN INDIVIDUAL. The registrant(s) has (have) commenced to transact business under the fictitious business name or names listed above on N/A. NOTICE- This Fictitious Business Name Statement expires five years from the date it was filed in the office of the County Clerk. A new Fictitious Business Name Statement must be filed prior to that date. The filing of this statement does not of itself authorize the use in this state of a Fictitious Business Name in violation of the rights of another under federal, State, or common law (See section 14411 et seq. Business and Professions Code)Publish: Mountain Views-News/JDC
Dates Pub: JUNE 04, 11, 18, 25, 2022
FICTITIOUS BUSINESS NAME STATEMENT
FILE NO. 2022-108074
The following person(s) is (are) doing business as: the business name(s) listed above. This business is conducted by: AN INDIVIDUAL. The registrant(s) has (have) commenced to transact business under the fictitious business name or names listed above on N/A. NOTICE- This Fictitious Business Name Statement expires five years from the date it was filed in the office of the County Clerk. A new Fictitious Business Name Statement must be filed prior to that date. The filing of this statement does not of itself authorize the use in this state of a Fictitious Business Name in violation of the rights of another under federal, State, or common law (See section 14411 et seq. Business and Professions Code)Publish: Mountain Views-News/JDC
Dates Pub: JUNE 04, 11, 18, 25, 2022
FICTITIOUS BUSINESS NAME STATEMENT
FILE NO. 2022-110097
The following person(s) is (are) doing business as: the business name(s) listed above. This business is conducted by: AN INDIVIDUAL. The registrant(s) has (have) commenced to transact business under the fictitious business name or names listed above on N/A. NOTICE- This Fictitious Business Name Statement expires five years from the date it was filed in the office of the County Clerk. A new Fictitious Business Name Statement must be filed prior to that date. The filing of this statement does not of itself authorize the use in this state of a Fictitious Business Name in violation of the rights of another under federal, State, or common law (See section 14411 et seq. Business and Professions Code)Publish: Mountain Views-News/JDC
Dates Pub: JUNE 04, 11, 18, 25, 2022
FICTITIOUS BUSINESS NAME STATEMENT
FILE NO. 2022-108877
The following person(s) is (are) doing business as: the business name(s) listed above. This business is conducted by: AN INDIVIDUAL. The registrant(s) has (have) commenced to transact business under the fictitious business name or names listed above on N/A. NOTICE- This Fictitious Business Name Statement expires five years from the date it was filed in the office of the County Clerk. A new Fictitious Business Name Statement must be filed prior to that date. The filing of this statement does not of itself authorize the use in this state of a Fictitious Business Name in violation of the rights of another under federal, State, or common law (See section 14411 et seq. Business and Professions Code)Publish: Mountain Views-News/JDC
Dates Pub: JUNE 04, 11, 18, 25, 2022
FICTITIOUS BUSINESS NAME STATEMENT
FILE NO. 2022-107715
The following person(s) is (are) doing business as: the business name(s) listed above. This business is conducted by: AN INDIVIDUAL. The registrant(s) has (have) commenced to transact business under the fictitious business name or names listed above on N/A. NOTICE- This Fictitious Business Name Statement expires five years from the date it was filed in the office of the County Clerk. A new Fictitious Business Name Statement must be filed prior to that date. The filing of this statement does not of itself authorize the use in this state of a Fictitious Business Name in violation of the rights of another under federal, State, or common law (See section 14411 et seq. Business and Professions Code)Publish: Mountain Views-News/JDC
Dates Pub: JUNE 04, 11, 18, 25, 2022
FICTITIOUS BUSINESS NAME STATEMENT
FILE NO. 2022-106318
The following person(s) is (are) doing business as: the business name(s) listed above. This business is conducted by: AN INDIVIDUAL. The registrant(s) has (have) commenced to transact business under the fictitious business name or names listed above on N/A. NOTICE- This Fictitious Business Name Statement expires five years from the date it was filed in the office of the County Clerk. A new Fictitious Business Name Statement must be filed prior to that date. The filing of this statement does not of itself authorize the use in this state of a Fictitious Business Name in violation of the rights of another under federal, State, or common law (See section 14411 et seq. Business and Professions Code)Publish: Mountain Views-News/JDC
Dates Pub: JUNE 04, 11, 18, 25, 2022
FICTITIOUS BUSINESS NAME STATEMENT
FILE NO. 2022-118060
The following person(s) is (are) doing business as: the business name(s) listed above. This business is conducted by: AN INDIVIDUAL. The registrant(s) has (have) commenced to transact business under the fictitious business name or names listed above on N/A. NOTICE- This Fictitious Business Name Statement expires five years from the date it was filed in the office of the County Clerk. A new Fictitious Business Name Statement must be filed prior to that date. The filing of this statement does not of itself authorize the use in this state of a Fictitious Business Name in violation of the rights of another under federal, State, or common law (See section 14411 et seq. Business and Professions Code)Publish: Mountain Views-News/JDC
Dates Pub: JUNE 04, 11, 18, 25, 2022
FICTITIOUS BUSINESS NAME STATEMENT
FILE NO. 2022-109181
The following person(s) is (are) doing business as: the business name(s) listed above. This business is conducted by: AN INDIVIDUAL. The registrant(s) has (have) commenced to transact business under the fictitious business name or names listed above on N/A. NOTICE- This Fictitious Business Name Statement expires five years from the date it was filed in the office of the County Clerk. A new Fictitious Business Name Statement must be filed prior to that date. The filing of this statement does not of itself authorize the use in this state of a Fictitious Business Name in violation of the rights of another under federal, State, or common law (See section 14411 et seq. Business and Professions Code)Publish: Mountain Views-News/JDC
Dates Pub: JUNE 04, 11, 18, 25, 2022
FICTITIOUS BUSINESS NAME STATEMENT
FILE NO. 2022-106909
The following person(s) is (are) doing business as: the business name(s) listed above. This business is conducted by: AN INDIVIDUAL. The registrant(s) has (have) commenced to transact business under the fictitious business name or names listed above on N/A. NOTICE- This Fictitious Business Name Statement expires five years from the date it was filed in the office of the County Clerk. A new Fictitious Business Name Statement must be filed prior to that date. The filing of this statement does not of itself authorize the use in this state of a Fictitious Business Name in violation of the rights of another under federal, State, or common law (See section 14411 et seq. Business and Professions Code)Publish: Mountain Views-News/JDC
Dates Pub: JUNE 04, 11, 18, 25, 2022
Mountain Views News 80 W Sierra Madre Blvd. No. 327 Sierra Madre, Ca. 91024 Office: 626.355.2737 Fax: 626.609.3285 Email: editor@mtnviewsnews.com Website: www.mtnviewsnews.com
